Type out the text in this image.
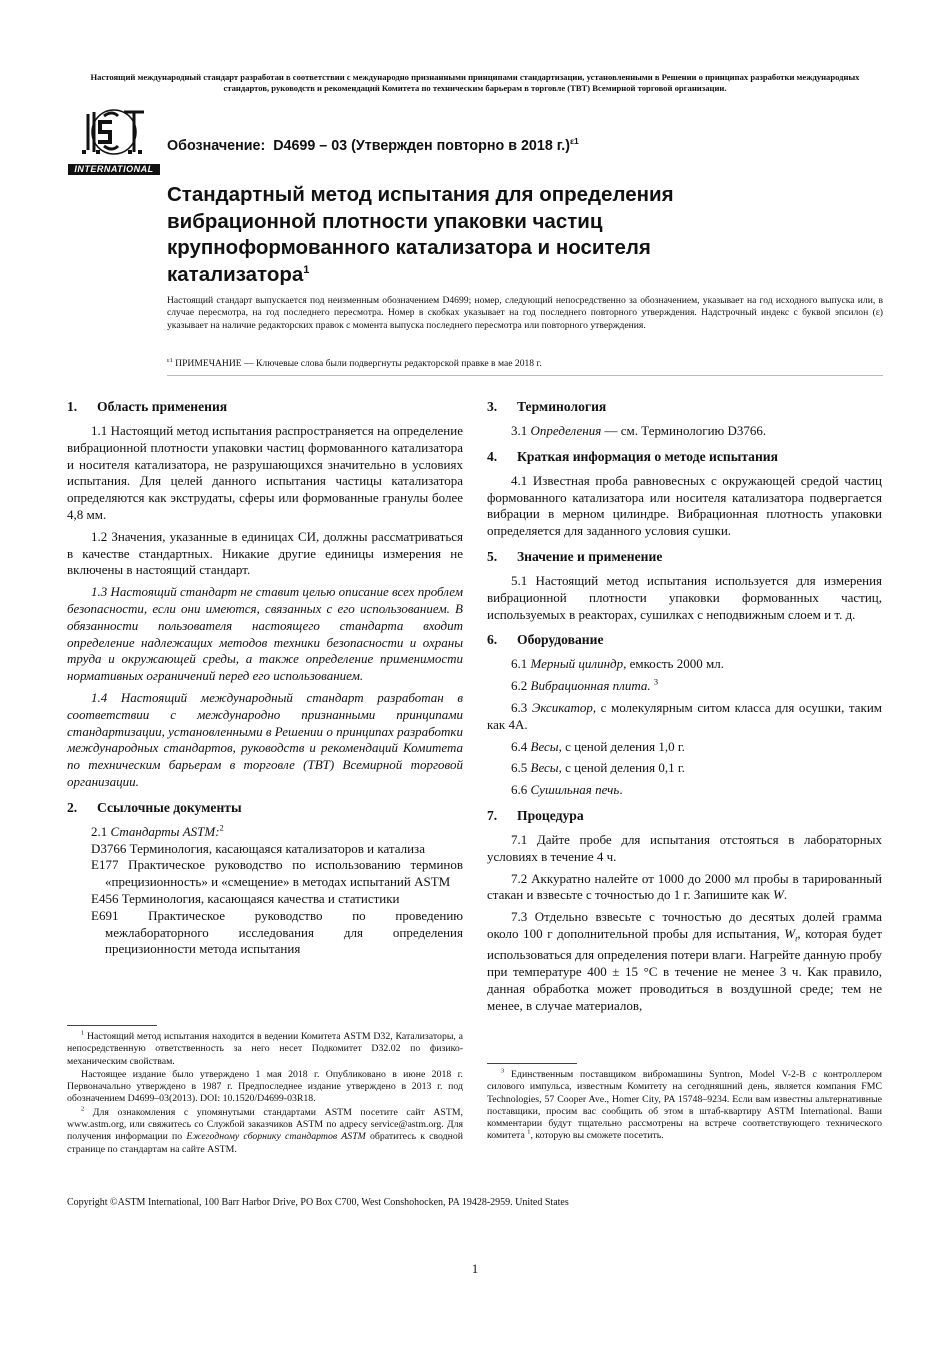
Настоящий международный стандарт разработан в соответствии с международно признанными принципами стандартизации, установленными в Решении о принципах разработки международных стандартов, руководств и рекомендаций Комитета по техническим барьерам в торговле (ТВТ) Всемирной торговой организации.
INTERNATIONAL
Обозначение: D4699 – 03 (Утвержден повторно в 2018 г.)$^{\varepsilon 1}$
Стандартный метод испытания для определения вибрационной плотности упаковки частиц крупноформованного катализатора и носителя катализатора$^1$
Настоящий стандарт выпускается под неизменным обозначением D4699; номер, следующий непосредственно за обозначением, указывает на год исходного выпуска или, в случае пересмотра, на год последнего пересмотра. Номер в скобках указывает на год последнего повторного утверждения. Надстрочный индекс с буквой эпсилон (ε) указывает на наличие редакторских правок с момента выпуска последнего пересмотра или повторного утверждения.
$^{\varepsilon 1}$ ПРИМЕЧАНИЕ — Ключевые слова были подвергнуты редакторской правке в мае 2018 г.
1. Область применения

1.1 Настоящий метод испытания распространяется на определение вибрационной плотности упаковки частиц формованного катализатора и носителя катализатора, не разрушающихся значительно в условиях испытания. Для целей данного испытания частицы катализатора определяются как экструдаты, сферы или формованные гранулы более 4,8 мм.

1.2 Значения, указанные в единицах СИ, должны рассматриваться в качестве стандартных. Никакие другие единицы измерения не включены в настоящий стандарт.

1.3 Настоящий стандарт не ставит целью описание всех проблем безопасности, если они имеются, связанных с его использованием. В обязанности пользователя настоящего стандарта входит определение надлежащих методов техники безопасности и охраны труда и окружающей среды, а также определение применимости нормативных ограничений перед его использованием.

1.4 Настоящий международный стандарт разработан в соответствии с международно признанными принципами стандартизации, установленными в Решении о принципах разработки международных стандартов, руководств и рекомендаций Комитета по техническим барьерам в торговле (TBT) Всемирной торговой организации.

2. Ссылочные документы

2.1 Стандарты ASTM:$^2$

D3766 Терминология, касающаяся катализаторов и катализа

E177 Практическое руководство по использованию терминов «прецизионность» и «смещение» в методах испытаний ASTM

E456 Терминология, касающаяся качества и статистики

E691 Практическое руководство по проведению межлабораторного исследования для определения прецизионности метода испытания

$^1$ Настоящий метод испытания находится в ведении Комитета ASTM D32, Катализаторы, а непосредственную ответственность за него несет Подкомитет D32.02 по физико-механическим свойствам.

Настоящее издание было утверждено 1 мая 2018 г. Опубликовано в июне 2018 г. Первоначально утверждено в 1987 г. Предпоследнее издание утверждено в 2013 г. под обозначением D4699–03(2013). DOI: 10.1520/D4699-03R18.

$^2$ Для ознакомления с упомянутыми стандартами ASTM посетите сайт ASTM, www.astm.org, или свяжитесь со Службой заказчиков ASTM по адресу service@astm.org. Для получения информации по Ежегодному сборнику стандартов ASTM обратитесь к сводной странице по стандартам на сайте ASTM.

3. Терминология

3.1 Определения — см. Терминологию D3766.

4. Краткая информация о методе испытания

4.1 Известная проба равновесных с окружающей средой частиц формованного катализатора или носителя катализатора подвергается вибрации в мерном цилиндре. Вибрационная плотность упаковки определяется для заданного условия сушки.

5. Значение и применение

5.1 Настоящий метод испытания используется для измерения вибрационной плотности упаковки формованных частиц, используемых в реакторах, сушилках с неподвижным слоем и т. д.

6. Оборудование

6.1 Мерный цилиндр, емкость 2000 мл.

6.2 Вибрационная плита. $^3$

6.3 Эксикатор, с молекулярным ситом класса для осушки, таким как 4А.

6.4 Весы, с ценой деления 1,0 г.

6.5 Весы, с ценой деления 0,1 г.

6.6 Сушильная печь.

7. Процедура

7.1 Дайте пробе для испытания отстояться в лабораторных условиях в течение 4 ч.

7.2 Аккуратно налейте от 1000 до 2000 мл пробы в тарированный стакан и взвесьте с точностью до 1 г. Запишите как W.

7.3 Отдельно взвесьте с точностью до десятых долей грамма около 100 г дополнительной пробы для испытания, $W_t$, которая будет использоваться для определения потери влаги. Нагрейте данную пробу при температуре 400 ± 15 °C в течение не менее 3 ч. Как правило, данная обработка может проводиться в воздушной среде; тем не менее, в случае материалов,

$^3$ Единственным поставщиком вибромашины Syntron, Model V-2-B с контроллером силового импульса, известным Комитету на сегодняшний день, является компания FMC Technologies, 57 Cooper Ave., Homer City, PA 15748–9234. Если вам известны альтернативные поставщики, просим вас сообщить об этом в штаб-квартиру ASTM International. Ваши комментарии будут тщательно рассмотрены на встрече соответствующего технического комитета $^1$, которую вы сможете посетить.

Copyright ©ASTM International, 100 Barr Harbor Drive, PO Box C700, West Conshohocken, PA 19428-2959. United States
1
